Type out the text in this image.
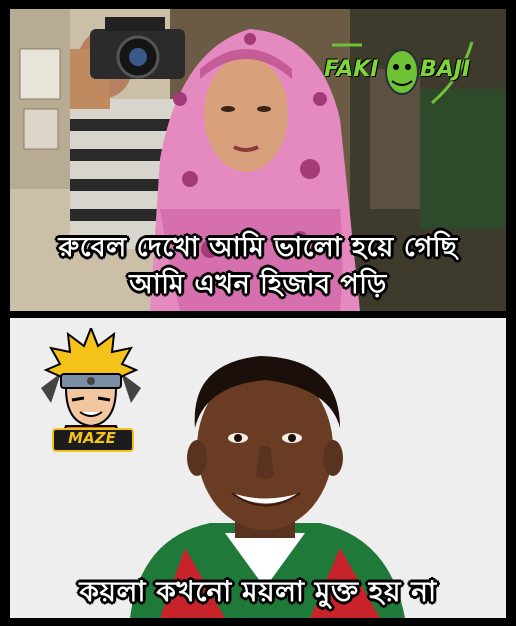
FAKI BAJI
রুবেল দেখো আমি ভালো হয়ে গেছি
আমি এখন হিজাব পড়ি
MAZE
কয়লা কখনো ময়লা মুক্ত হয় না
